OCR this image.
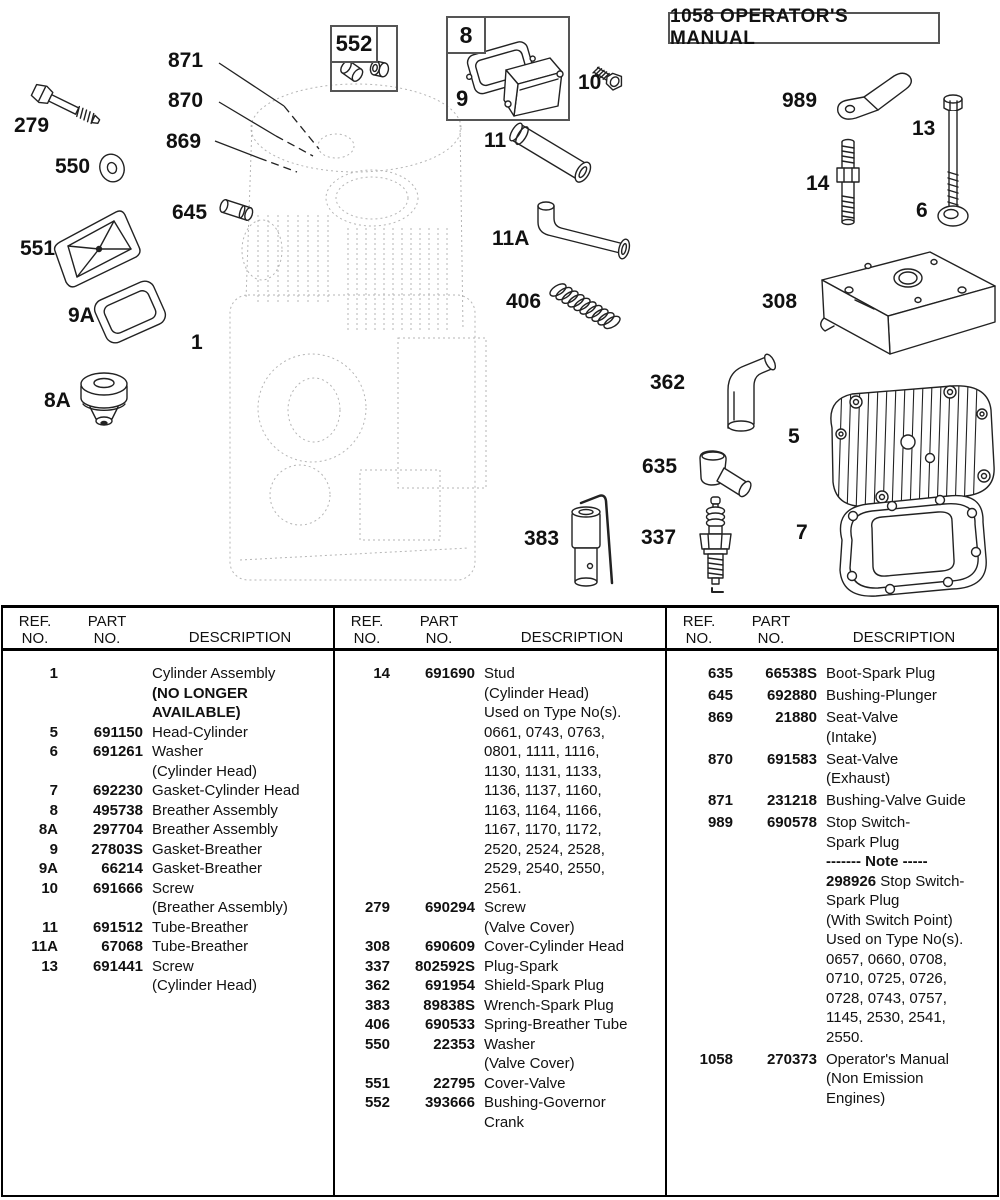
279
550
551
9A
8A
871
870
869
645
1
10
11
11A
406
989
13
14
6
308
362
5
635
383	337	7
552	8
9
1058 OPERATOR'S MANUAL
REF.
NO.
PART
NO.	DESCRIPTION
1	Cylinder Assembly
(NO LONGER
AVAILABLE)
5	691150 Head-Cylinder
6	691261 Washer
(Cylinder Head)
7	692230 Gasket-Cylinder Head
8	495738 Breather Assembly
8A	297704 Breather Assembly
9	27803S Gasket-Breather
9A	66214 Gasket-Breather
10	691666 Screw
(Breather Assembly)
11	691512 Tube-Breather
11A	67068 Tube-Breather
13	691441 Screw
(Cylinder Head)
REF.
NO.
PART
NO.	DESCRIPTION
14	691690 Stud
(Cylinder Head)
Used on Type No(s).
0661, 0743, 0763,
0801, 1111, 1116,
1130, 1131, 1133,
1136, 1137, 1160,
1163, 1164, 1166,
1167, 1170, 1172,
2520, 2524, 2528,
2529, 2540, 2550,
2561.
279	690294 Screw
(Valve Cover)
308	690609 Cover-Cylinder Head
337	802592S Plug-Spark
362	691954 Shield-Spark Plug
383	89838S Wrench-Spark Plug
406	690533 Spring-Breather Tube
550	22353 Washer
(Valve Cover)
551	22795 Cover-Valve
552	393666 Bushing-Governor
Crank
REF.
NO.
PART
NO.	DESCRIPTION
635	66538S Boot-Spark Plug
645	692880 Bushing-Plunger
869	21880 Seat-Valve
(Intake)
870	691583 Seat-Valve
(Exhaust)
871	231218 Bushing-Valve Guide
989	690578 Stop Switch-
Spark Plug
------- Note -----
298926 Stop Switch-
Spark Plug
(With Switch Point)
Used on Type No(s).
0657, 0660, 0708,
0710, 0725, 0726,
0728, 0743, 0757,
1145, 2530, 2541,
2550.
1058	270373 Operator's Manual
(Non Emission
Engines)
